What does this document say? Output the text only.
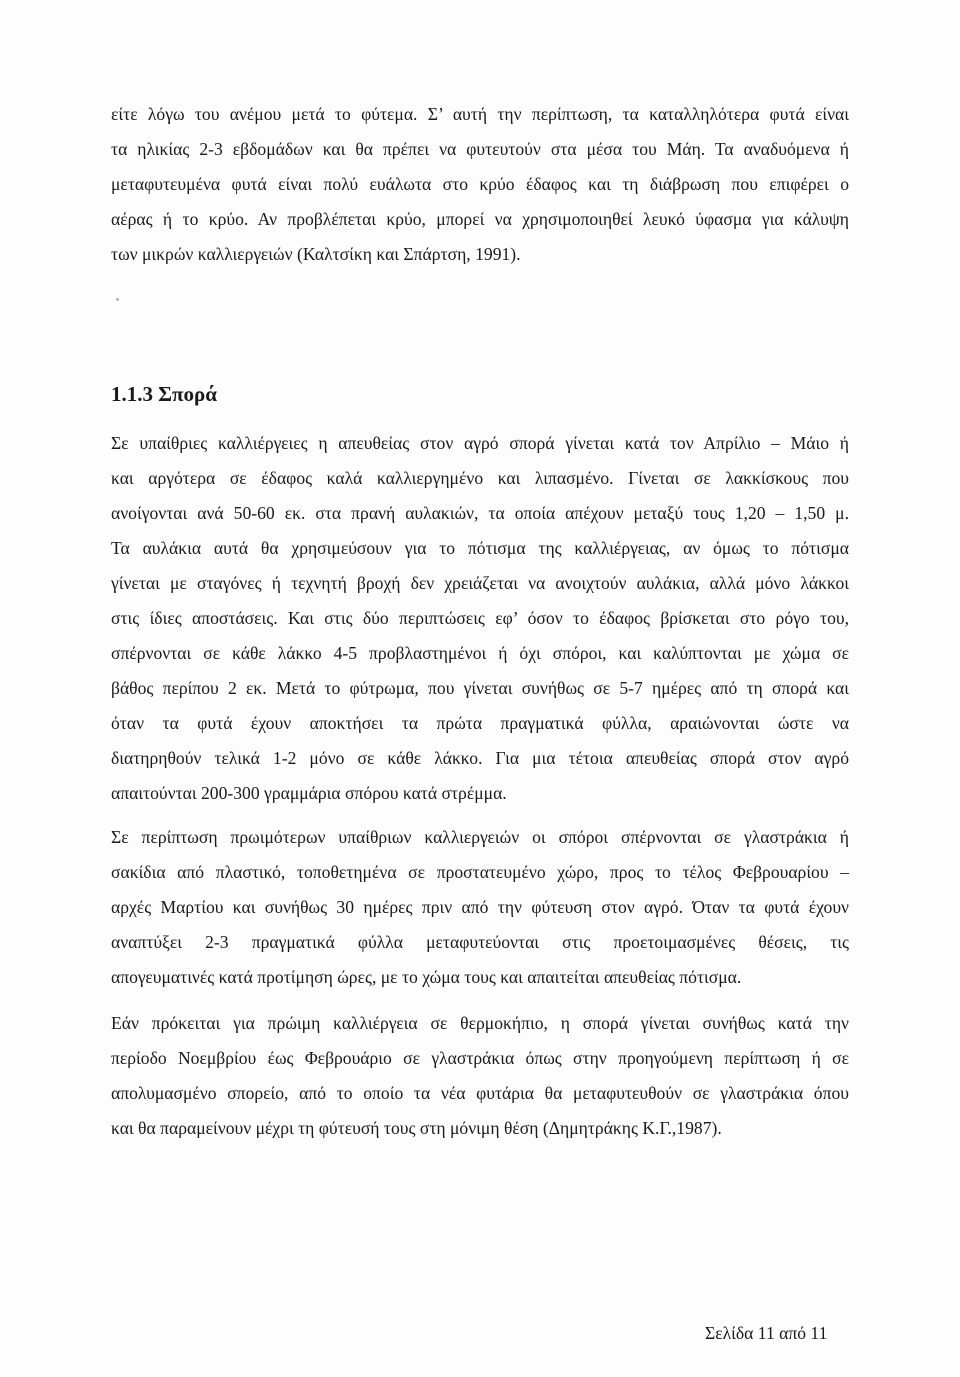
είτε λόγω του ανέμου μετά το φύτεμα. Σ’ αυτή την περίπτωση, τα καταλληλότερα φυτά είναι
τα ηλικίας 2-3 εβδομάδων και θα πρέπει να φυτευτούν στα μέσα του Μάη. Τα αναδυόμενα ή
μεταφυτευμένα φυτά είναι πολύ ευάλωτα στο κρύο έδαφος και τη διάβρωση που επιφέρει ο
αέρας ή το κρύο. Αν προβλέπεται κρύο, μπορεί να χρησιμοποιηθεί λευκό ύφασμα για κάλυψη
των μικρών καλλιεργειών (Καλτσίκη και Σπάρτση, 1991).
1.1.3 Σπορά
Σε υπαίθριες καλλιέργειες η απευθείας στον αγρό σπορά γίνεται κατά τον Απρίλιο – Μάιο ή
και αργότερα σε έδαφος καλά καλλιεργημένο και λιπασμένο. Γίνεται σε λακκίσκους που
ανοίγονται ανά 50-60 εκ. στα πρανή αυλακιών, τα οποία απέχουν μεταξύ τους 1,20 – 1,50 μ.
Τα αυλάκια αυτά θα χρησιμεύσουν για το πότισμα της καλλιέργειας, αν όμως το πότισμα
γίνεται με σταγόνες ή τεχνητή βροχή δεν χρειάζεται να ανοιχτούν αυλάκια, αλλά μόνο λάκκοι
στις ίδιες αποστάσεις. Και στις δύο περιπτώσεις εφ’ όσον το έδαφος βρίσκεται στο ρόγο του,
σπέρνονται σε κάθε λάκκο 4-5 προβλαστημένοι ή όχι σπόροι, και καλύπτονται με χώμα σε
βάθος περίπου 2 εκ. Μετά το φύτρωμα, που γίνεται συνήθως σε 5-7 ημέρες από τη σπορά και
όταν τα φυτά έχουν αποκτήσει τα πρώτα πραγματικά φύλλα, αραιώνονται ώστε να
διατηρηθούν τελικά 1-2 μόνο σε κάθε λάκκο. Για μια τέτοια απευθείας σπορά στον αγρό
απαιτούνται 200-300 γραμμάρια σπόρου κατά στρέμμα.
Σε περίπτωση πρωιμότερων υπαίθριων καλλιεργειών οι σπόροι σπέρνονται σε γλαστράκια ή
σακίδια από πλαστικό, τοποθετημένα σε προστατευμένο χώρο, προς το τέλος Φεβρουαρίου –
αρχές Μαρτίου και συνήθως 30 ημέρες πριν από την φύτευση στον αγρό. Όταν τα φυτά έχουν
αναπτύξει 2-3 πραγματικά φύλλα μεταφυτεύονται στις προετοιμασμένες θέσεις, τις
απογευματινές κατά προτίμηση ώρες, με το χώμα τους και απαιτείται απευθείας πότισμα.
Εάν πρόκειται για πρώιμη καλλιέργεια σε θερμοκήπιο, η σπορά γίνεται συνήθως κατά την
περίοδο Νοεμβρίου έως Φεβρουάριο σε γλαστράκια όπως στην προηγούμενη περίπτωση ή σε
απολυμασμένο σπορείο, από το οποίο τα νέα φυτάρια θα μεταφυτευθούν σε γλαστράκια όπου
και θα παραμείνουν μέχρι τη φύτευσή τους στη μόνιμη θέση (Δημητράκης Κ.Γ.,1987).
Σελίδα 11 από 11
